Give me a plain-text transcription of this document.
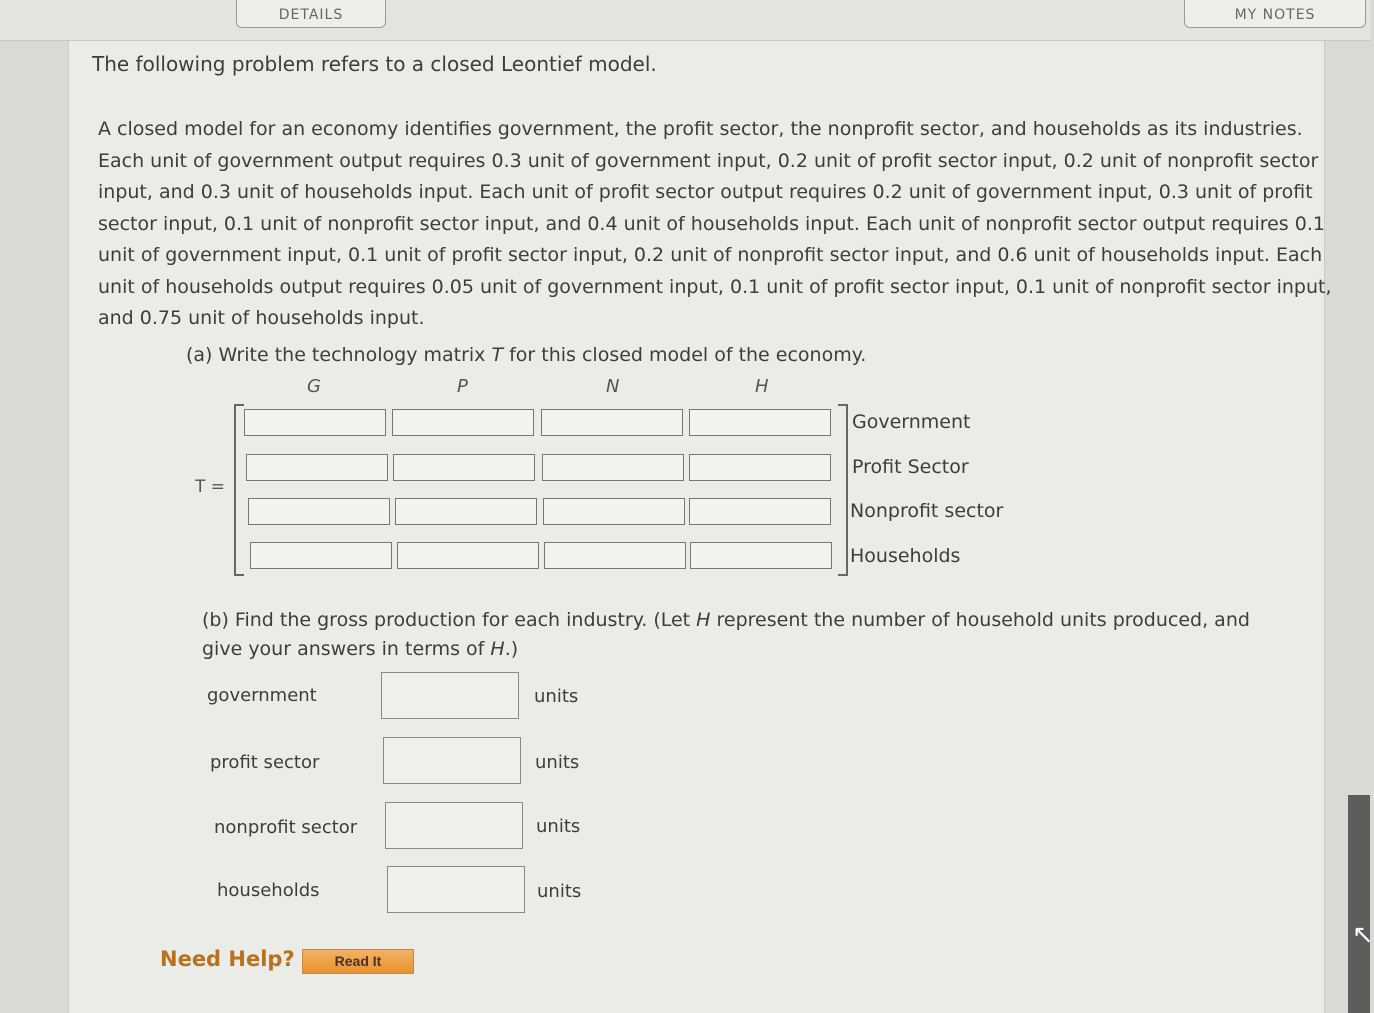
DETAILS	MY NOTES
The following problem refers to a closed Leontief model.
A closed model for an economy identifies government, the profit sector, the nonprofit sector, and households as its industries. Each unit of government output requires 0.3 unit of government input, 0.2 unit of profit sector input, 0.2 unit of nonprofit sector input, and 0.3 unit of households input. Each unit of profit sector output requires 0.2 unit of government input, 0.3 unit of profit sector input, 0.1 unit of nonprofit sector input, and 0.4 unit of households input. Each unit of nonprofit sector output requires 0.1 unit of government input, 0.1 unit of profit sector input, 0.2 unit of nonprofit sector input, and 0.6 unit of households input. Each unit of households output requires 0.05 unit of government input, 0.1 unit of profit sector input, 0.1 unit of nonprofit sector input, and 0.75 unit of households input.
(a) Write the technology matrix T for this closed model of the economy.
G	P	N	H
T =
Government
Profit Sector
Nonprofit sector
Households
(b) Find the gross production for each industry. (Let H represent the number of household units produced, and give your answers in terms of H.)
government	units
profit sector	units
nonprofit sector	units
households	units
Need Help?	Read It
↖
